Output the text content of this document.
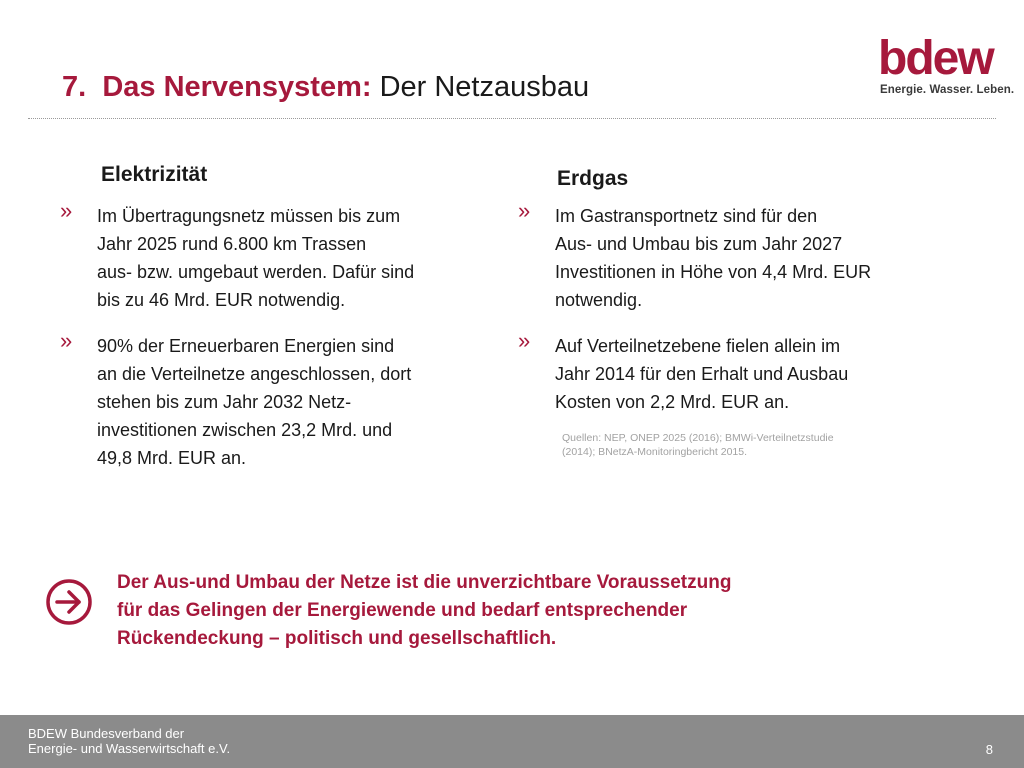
7. Das Nervensystem: Der Netzausbau
bdew
Energie. Wasser. Leben.
Elektrizität
» Im Übertragungsnetz müssen bis zum
Jahr 2025 rund 6.800 km Trassen
aus- bzw. umgebaut werden. Dafür sind
bis zu 46 Mrd. EUR notwendig.
» 90% der Erneuerbaren Energien sind
an die Verteilnetze angeschlossen, dort
stehen bis zum Jahr 2032 Netz-
investitionen zwischen 23,2 Mrd. und
49,8 Mrd. EUR an.
Erdgas
» Im Gastransportnetz sind für den
Aus- und Umbau bis zum Jahr 2027
Investitionen in Höhe von 4,4 Mrd. EUR
notwendig.
» Auf Verteilnetzebene fielen allein im
Jahr 2014 für den Erhalt und Ausbau
Kosten von 2,2 Mrd. EUR an.
Quellen: NEP, ONEP 2025 (2016); BMWi-Verteilnetzstudie
(2014); BNetzA-Monitoringbericht 2015.

Der Aus-und Umbau der Netze ist die unverzichtbare Voraussetzung
für das Gelingen der Energiewende und bedarf entsprechender
Rückendeckung – politisch und gesellschaftlich.

BDEW Bundesverband der
Energie- und Wasserwirtschaft e.V.	8
